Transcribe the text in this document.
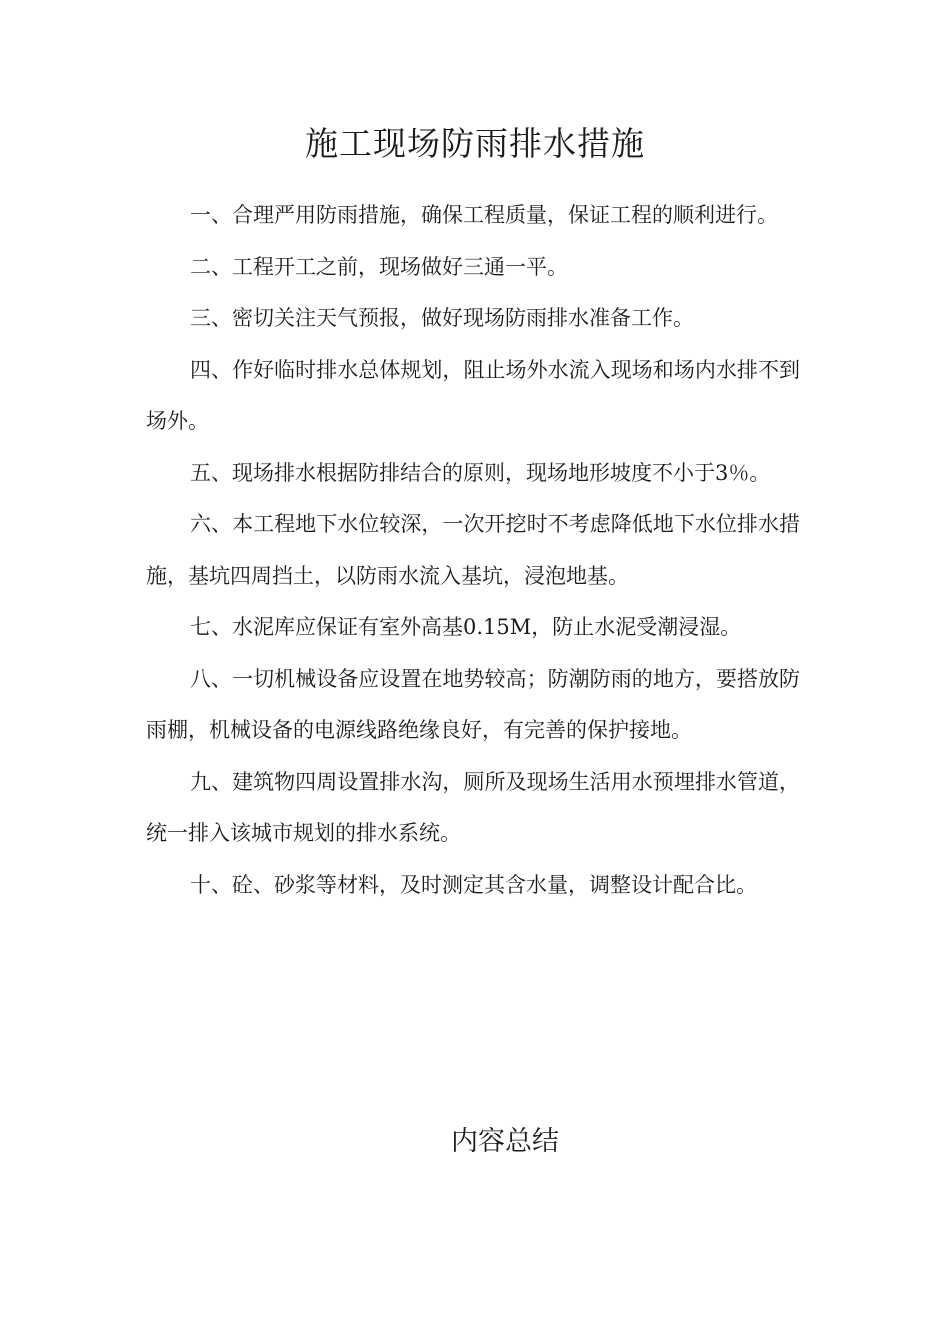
施工现场防雨排水措施

一、合理严用防雨措施，确保工程质量，保证工程的顺利进行。

二、工程开工之前，现场做好三通一平。

三、密切关注天气预报，做好现场防雨排水准备工作。

四、作好临时排水总体规划，阻止场外水流入现场和场内水排不到场外。

五、现场排水根据防排结合的原则，现场地形坡度不小于3％。

六、本工程地下水位较深，一次开挖时不考虑降低地下水位排水措施，基坑四周挡土，以防雨水流入基坑，浸泡地基。

七、水泥库应保证有室外高基0.15M，防止水泥受潮浸湿。

八、一切机械设备应设置在地势较高；防潮防雨的地方，要搭放防雨棚，机械设备的电源线路绝缘良好，有完善的保护接地。

九、建筑物四周设置排水沟，厕所及现场生活用水预埋排水管道，统一排入该城市规划的排水系统。

十、砼、砂浆等材料，及时测定其含水量，调整设计配合比。

内容总结
